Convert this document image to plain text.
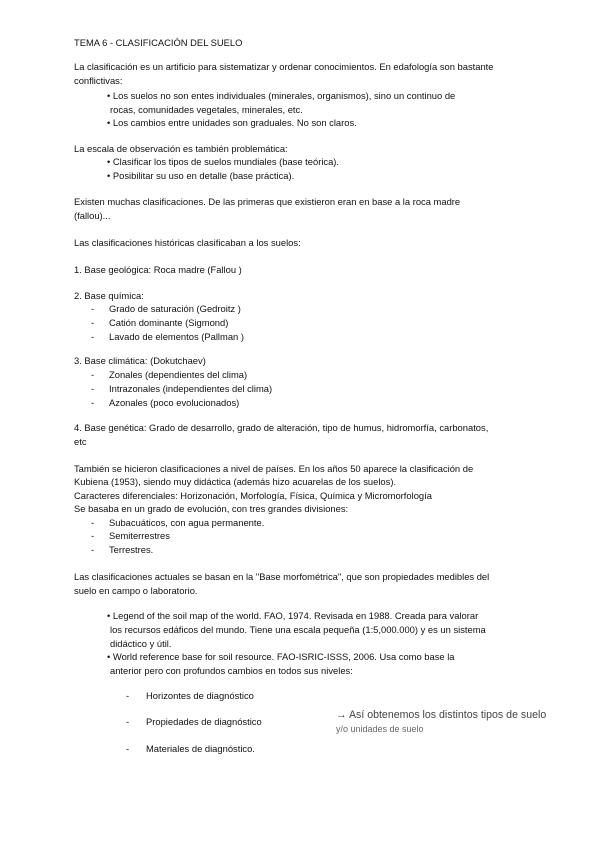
TEMA 6 - CLASIFICACIÓN DEL SUELO
La clasificación es un artificio para sistematizar y ordenar conocimientos. En edafología son bastante
conflictivas:
• Los suelos no son entes individuales (minerales, organismos), sino un continuo de
rocas, comunidades vegetales, minerales, etc.
• Los cambios entre unidades son graduales. No son claros.
La escala de observación es también problemática:
• Clasificar los tipos de suelos mundiales (base teórica).
• Posibilitar su uso en detalle (base práctica).
Existen muchas clasificaciones. De las primeras que existieron eran en base a la roca madre
(fallou)...
Las clasificaciones históricas clasificaban a los suelos:
1. Base geológica: Roca madre (Fallou )
2. Base química:
- Grado de saturación (Gedroitz )
- Catión dominante (Sigmond)
- Lavado de elementos (Pallman )
3. Base climática: (Dokutchaev)
- Zonales (dependientes del clima)
- Intrazonales (independientes del clima)
- Azonales (poco evolucionados)
4. Base genética: Grado de desarrollo, grado de alteración, tipo de humus, hidromorfía, carbonatos,
etc
También se hicieron clasificaciones a nivel de países. En los años 50 aparece la clasificación de
Kubiena (1953), siendo muy didáctica (además hizo acuarelas de los suelos).
Caracteres diferenciales: Horizonación, Morfología, Física, Química y Micromorfología
Se basaba en un grado de evolución, con tres grandes divisiones:
- Subacuáticos, con agua permanente.
- Semiterrestres
- Terrestres.
Las clasificaciones actuales se basan en la "Base morfométrica", que son propiedades medibles del
suelo en campo o laboratorio.
• Legend of the soil map of the world. FAO, 1974. Revisada en 1988. Creada para valorar
los recursos edáficos del mundo. Tiene una escala pequeña (1:5,000.000) y es un sistema
didáctico y útil.
• World reference base for soil resource. FAO-ISRIC-ISSS, 2006. Usa como base la
anterior pero con profundos cambios en todos sus niveles:
- Horizontes de diagnóstico
- Propiedades de diagnóstico
- Materiales de diagnóstico.
→ Así obtenemos los distintos tipos de suelo
y/o unidades de suelo
